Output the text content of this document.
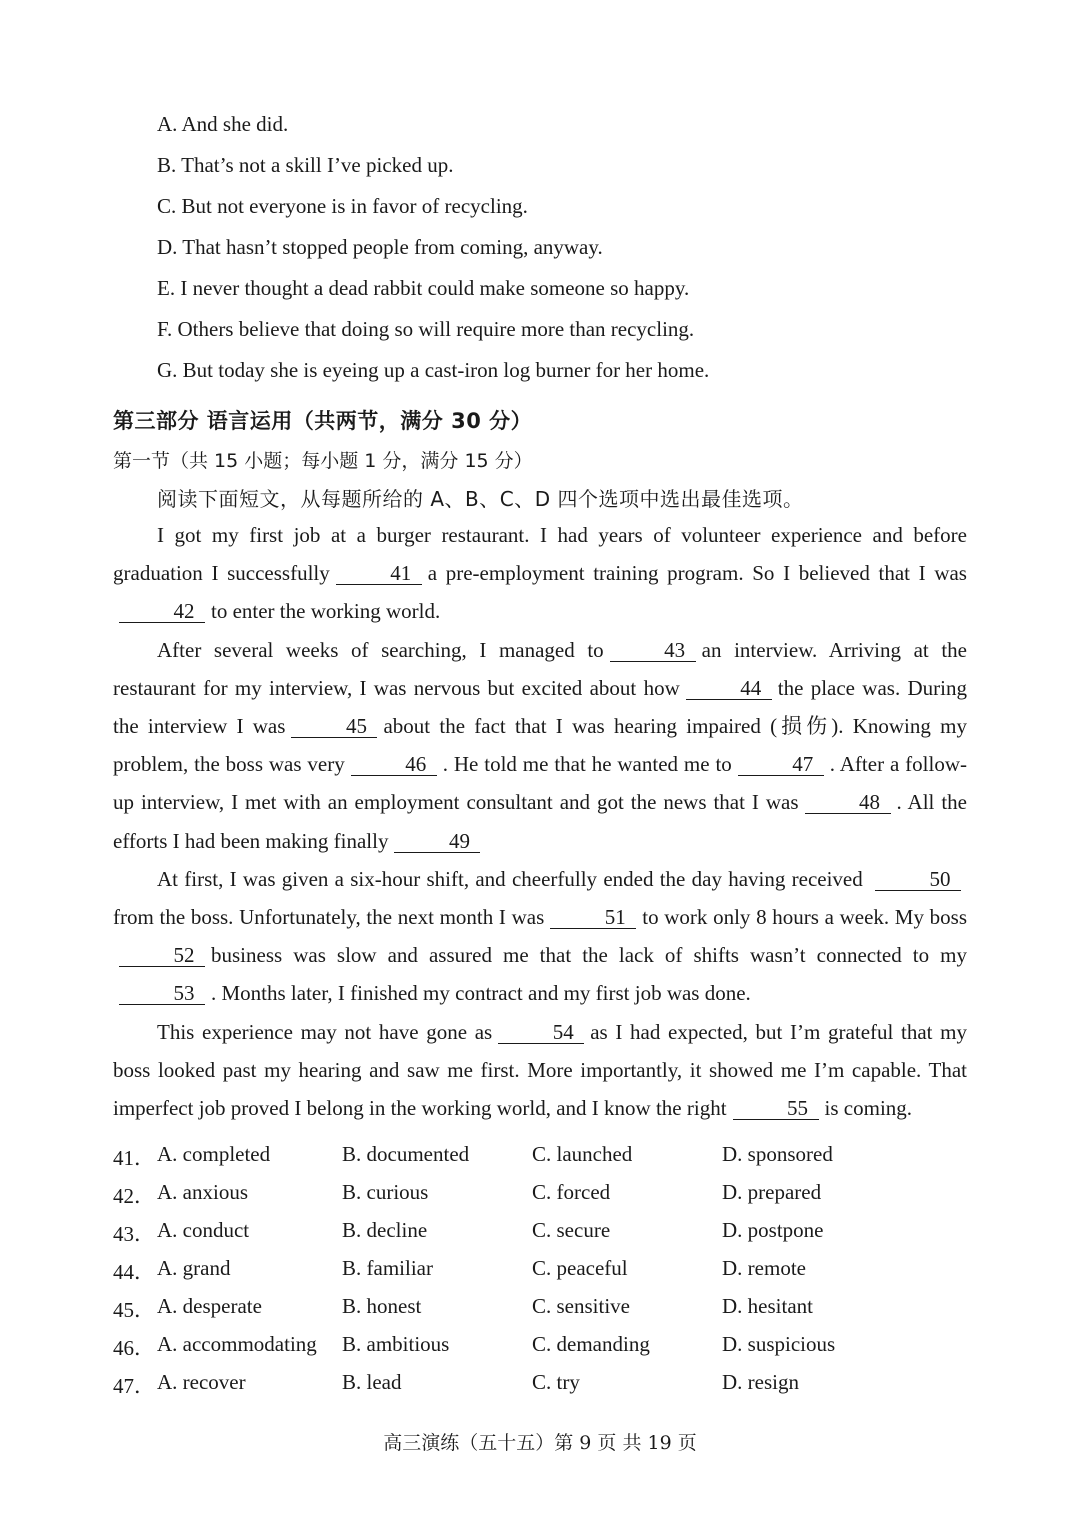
A. And she did.
B. That’s not a skill I’ve picked up.
C. But not everyone is in favor of recycling.
D. That hasn’t stopped people from coming, anyway.
E. I never thought a dead rabbit could make someone so happy.
F. Others believe that doing so will require more than recycling.
G. But today she is eyeing up a cast-iron log burner for her home.
第三部分 语言运用（共两节，满分 30 分）
第一节（共 15 小题；每小题 1 分，满分 15 分）
阅读下面短文，从每题所给的 A、B、C、D 四个选项中选出最佳选项。

I got my first job at a burger restaurant. I had years of volunteer experience and before graduation I successfully	41 a pre-employment training program. So I believed that I was 42 to enter the working world.

After several weeks of searching, I managed to	43 an interview. Arriving at the restaurant for my interview, I was nervous but excited about how	44 the place was. During the interview I was	45 about the fact that I was hearing impaired (损伤). Knowing my problem, the boss was very	46 . He told me that he wanted me to	47 . After a follow-up interview, I met with an employment consultant and got the news that I was	48 . All the efforts I had been making finally	49

At first, I was given a six-hour shift, and cheerfully ended the day having received	50from the boss. Unfortunately, the next month I was	51 to work only 8 hours a week. My boss52 business was slow and assured me that the lack of shifts wasn’t connected to my53 . Months later, I finished my contract and my first job was done.

This experience may not have gone as	54 as I had expected, but I’m grateful that my boss looked past my hearing and saw me first. More importantly, it showed me I’m capable. That imperfect job proved I belong in the working world, and I know the right	55 is coming.

41． A. completed	B. documented	C. launched	D. sponsored
42． A. anxious	B. curious	C. forced	D. prepared
43． A. conduct	B. decline	C. secure	D. postpone
44． A. grand	B. familiar	C. peaceful	D. remote
45． A. desperate	B. honest	C. sensitive	D. hesitant
46． A. accommodating B. ambitious	C. demanding	D. suspicious
47． A. recover	B. lead	C. try	D. resign
高三演练（五十五）第 9 页 共 19 页
